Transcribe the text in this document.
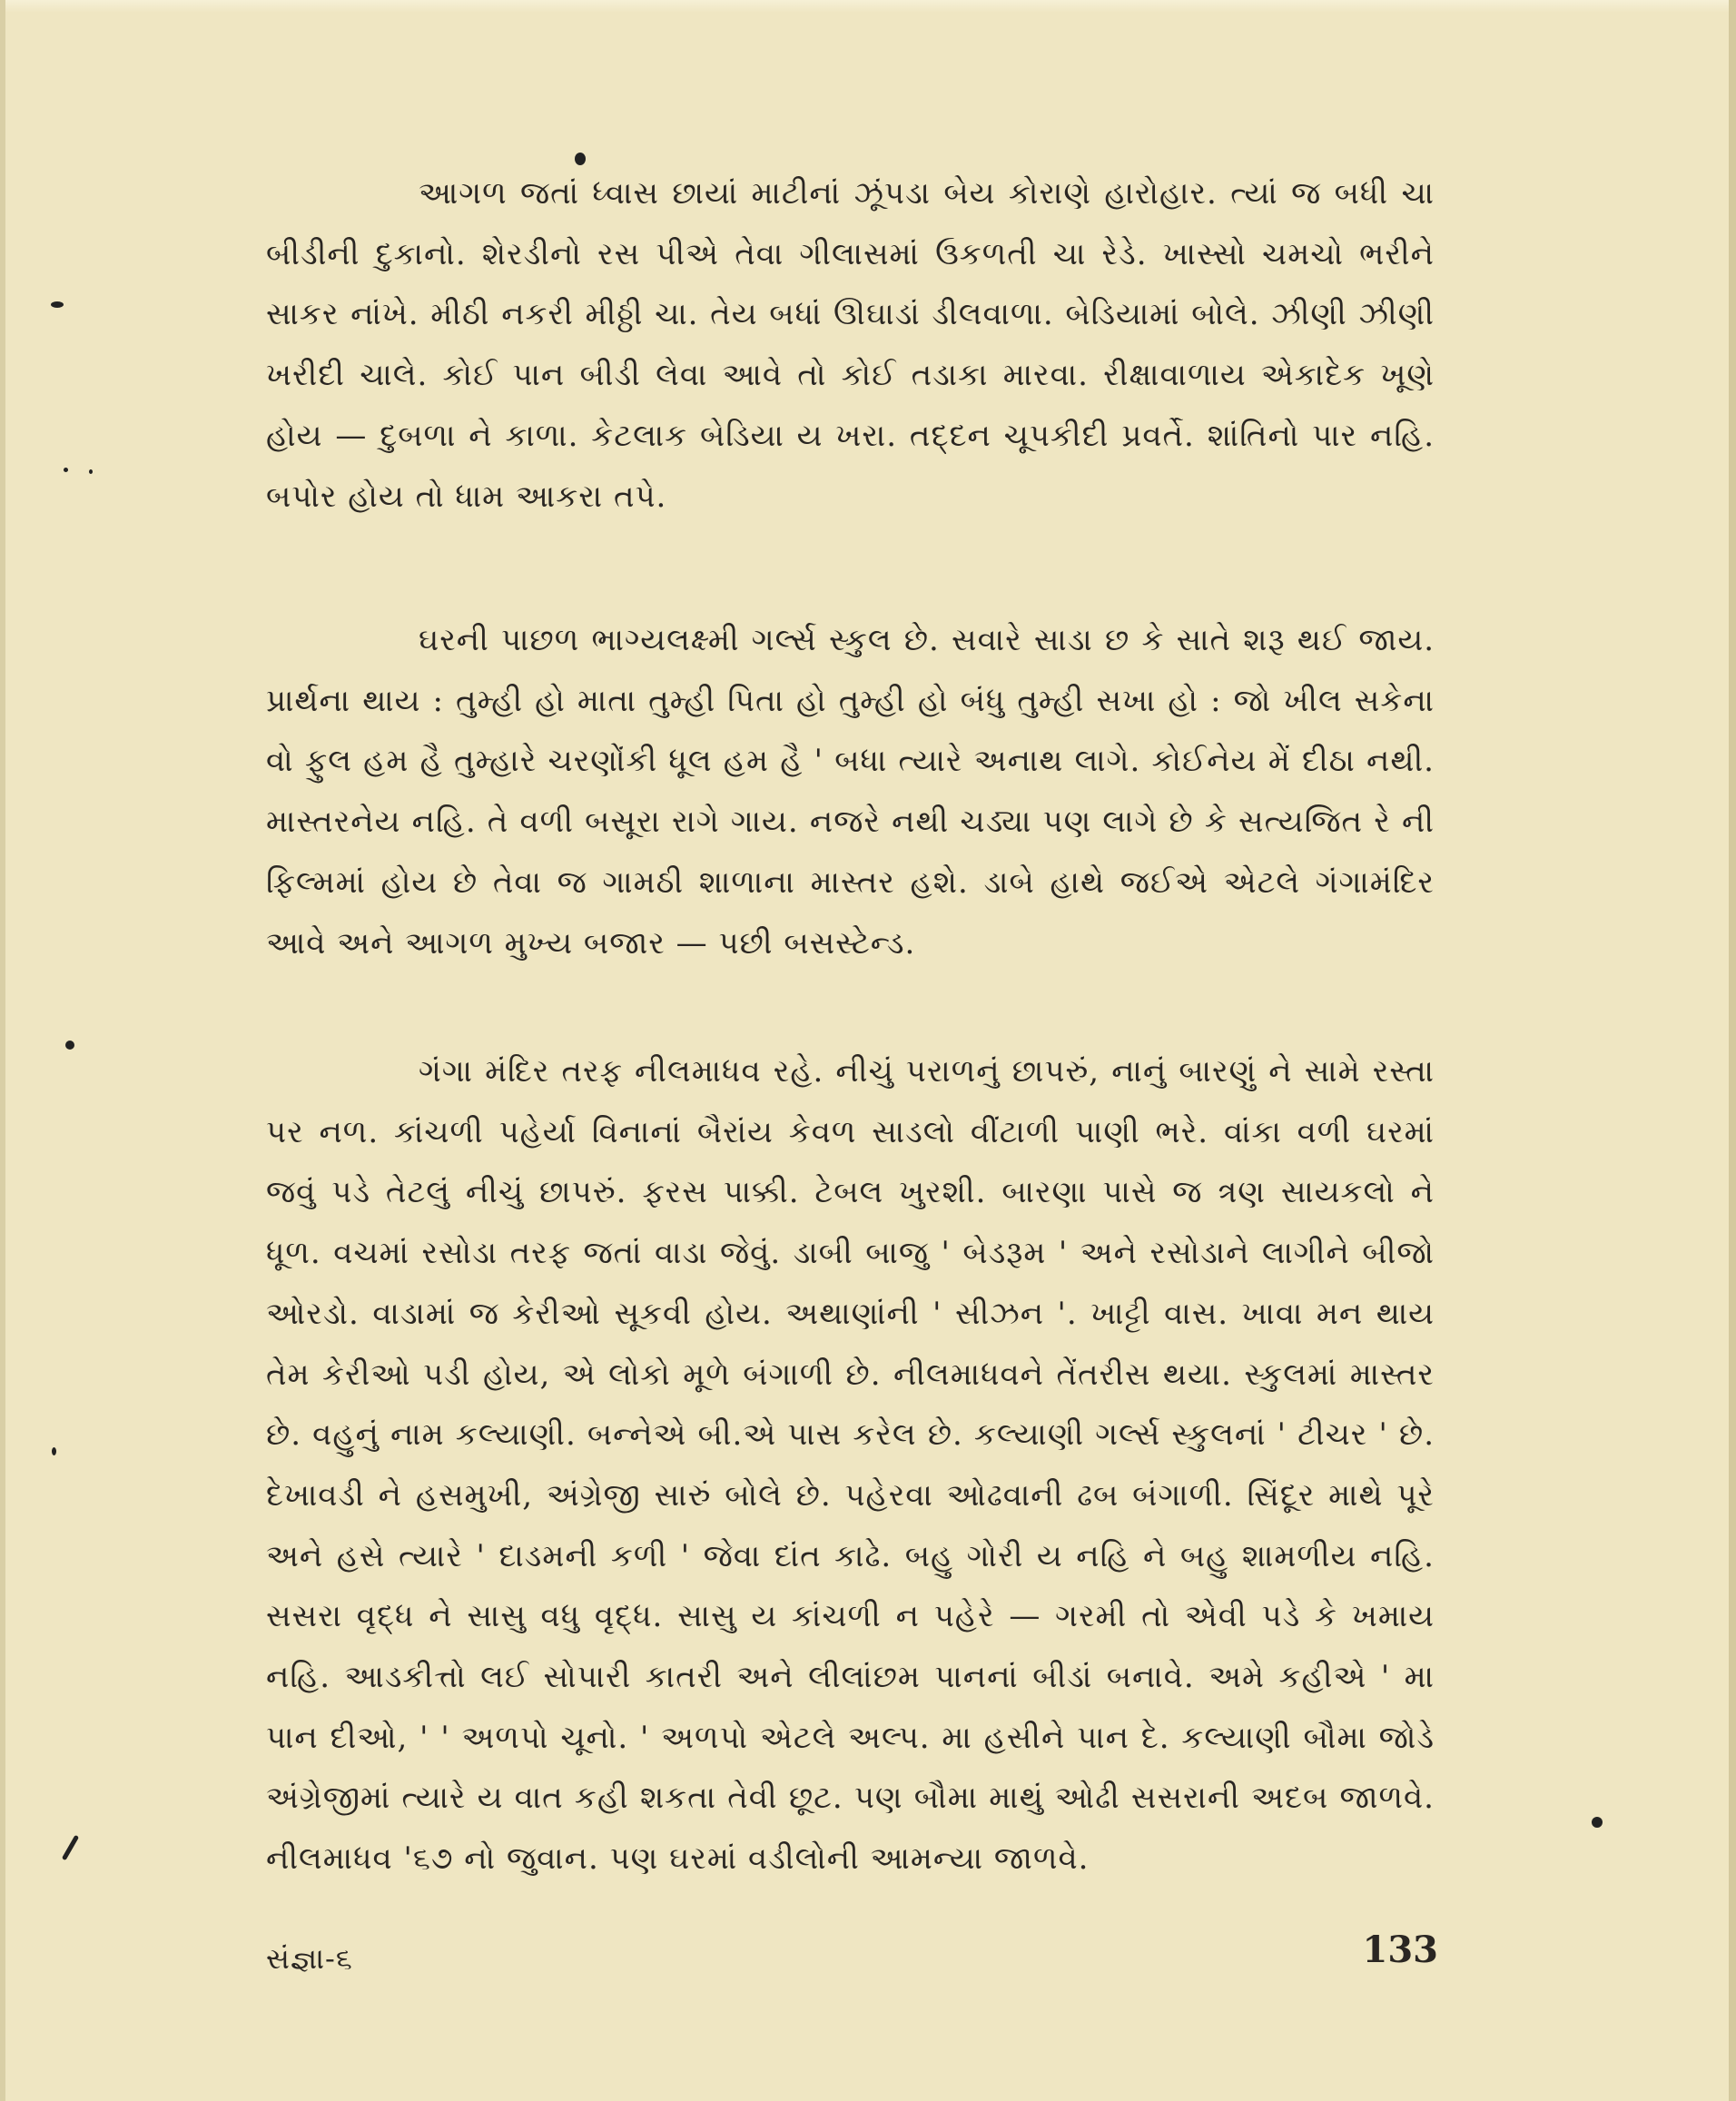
આગળ જતાં ધ્વાસ છાયાં માટીનાં ઝૂંપડા બેય કોરાણે હારોહાર. ત્યાં જ બધી ચા બીડીની દુકાનો. શેરડીનો રસ પીએ તેવા ગીલાસમાં ઉકળતી ચા રેડે. ખાસ્સો ચમચો ભરીને સાકર નાંખે. મીઠી નકરી મીઠ્ઠી ચા. તેય બધાં ઊઘાડાં ડીલવાળા. બેડિયામાં બોલે. ઝીણી ઝીણી ખરીદી ચાલે. કોઈ પાન બીડી લેવા આવે તો કોઈ તડાકા મારવા. રીક્ષાવાળાય એકાદેક ખૂણે હોય — દુબળા ને કાળા. કેટલાક બેડિયા ય ખરા. તદ્દન ચૂપકીદી પ્રવર્તે. શાંતિનો પાર નહિ. બપોર હોય તો ધામ આકરા તપે.

ઘરની પાછળ ભાગ્યલક્ષ્મી ગર્લ્સ સ્કુલ છે. સવારે સાડા છ કે સાતે શરૂ થઈ જાય. પ્રાર્થના થાય : તુમ્હી હો માતા તુમ્હી પિતા હો તુમ્હી હો બંધુ તુમ્હી સખા હો : જો ખીલ સકેના વો ફુલ હમ હૈ તુમ્હારે ચરણોંકી ધૂલ હમ હૈ ' બધા ત્યારે અનાથ લાગે. કોઈનેય મેં દીઠા નથી. માસ્તરનેય નહિ. તે વળી બસૂરા રાગે ગાય. નજરે નથી ચડ્યા પણ લાગે છે કે સત્યજિત રે ની ફિલ્મમાં હોય છે તેવા જ ગામઠી શાળાના માસ્તર હશે. ડાબે હાથે જઈએ એટલે ગંગામંદિર આવે અને આગળ મુખ્ય બજાર — પછી બસસ્ટેન્ડ.

ગંગા મંદિર તરફ નીલમાધવ રહે. નીચું પરાળનું છાપરું, નાનું બારણું ને સામે રસ્તા પર નળ. કાંચળી પહેર્યા વિનાનાં બૈરાંય કેવળ સાડલો વીંટાળી પાણી ભરે. વાંકા વળી ઘરમાં જવું પડે તેટલું નીચું છાપરું. ફરસ પાક્કી. ટેબલ ખુરશી. બારણા પાસે જ ત્રણ સાયકલો ને ધૂળ. વચમાં રસોડા તરફ જતાં વાડા જેવું. ડાબી બાજુ ' બેડરૂમ ' અને રસોડાને લાગીને બીજો ઓરડો. વાડામાં જ કેરીઓ સૂકવી હોય. અથાણાંની ' સીઝન '. ખાટ્ટી વાસ. ખાવા મન થાય તેમ કેરીઓ પડી હોય, એ લોકો મૂળે બંગાળી છે. નીલમાધવને તેંતરીસ થયા. સ્કુલમાં માસ્તર છે. વહુનું નામ કલ્યાણી. બન્નેએ બી.એ પાસ કરેલ છે. કલ્યાણી ગર્લ્સ સ્કુલનાં ' ટીચર ' છે. દેખાવડી ને હસમુખી, અંગ્રેજી સારું બોલે છે. પહેરવા ઓઢવાની ઢબ બંગાળી. સિંદૂર માથે પૂરે અને હસે ત્યારે ' દાડમની કળી ' જેવા દાંત કાઢે. બહુ ગોરી ય નહિ ને બહુ શામળીય નહિ. સસરા વૃદ્ધ ને સાસુ વધુ વૃદ્ધ. સાસુ ય કાંચળી ન પહેરે — ગરમી તો એવી પડે કે ખમાય નહિ. આડકીત્તો લઈ સોપારી કાતરી અને લીલાંછમ પાનનાં બીડાં બનાવે. અમે કહીએ ' મા પાન દીઓ, ' ' અળપો ચૂનો. ' અળપો એટલે અલ્પ. મા હસીને પાન દે. કલ્યાણી બૌમા જોડે અંગ્રેજીમાં ત્યારે ય વાત કહી શકતા તેવી છૂટ. પણ બૌમા માથું ઓઢી સસરાની અદબ જાળવે. નીલમાધવ '૬૭ નો જુવાન. પણ ઘરમાં વડીલોની આમન્યા જાળવે.

સંજ્ઞા-૬	133
